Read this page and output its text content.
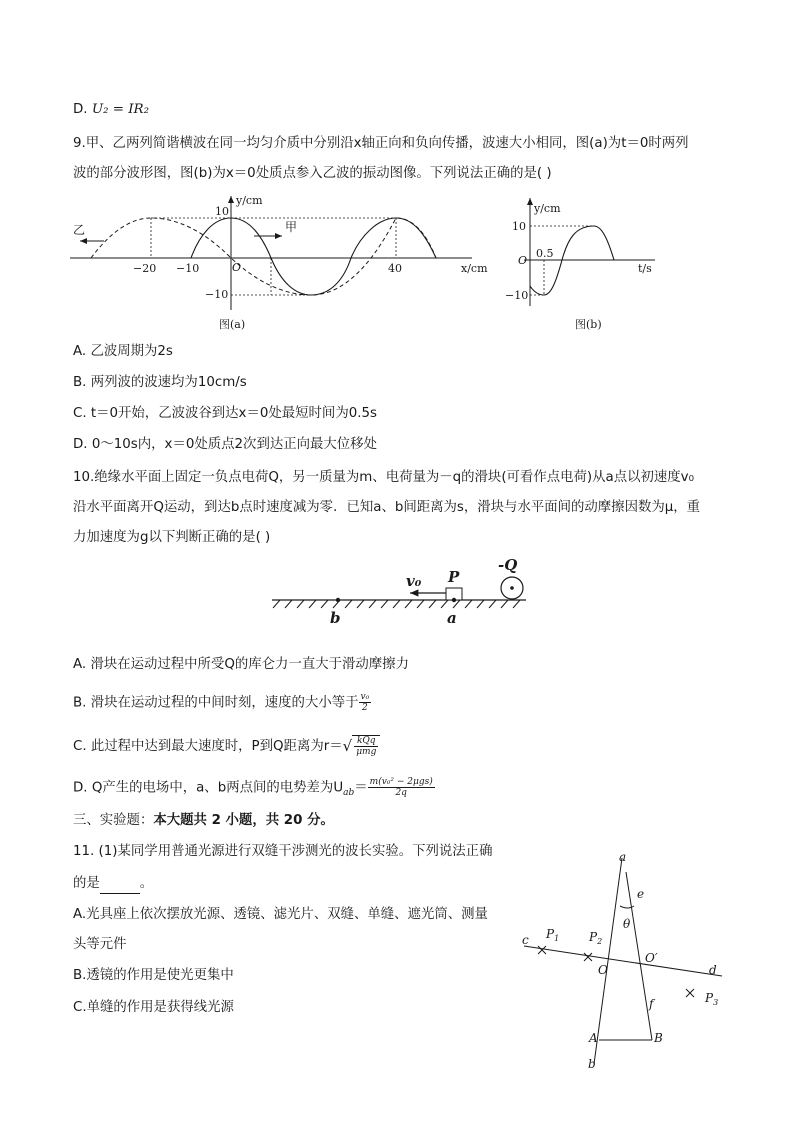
D. U₂ = IR₂
9.甲、乙两列简谐横波在同一均匀介质中分别沿x轴正向和负向传播，波速大小相同，图(a)为t＝0时两列
波的部分波形图，图(b)为x＝0处质点参入乙波的振动图像。下列说法正确的是( )
乙	甲
y/cm
x/cm
O
−20 −10	40
10
−10
图(a)
y/cm
t/s
O
0.5
10
−10
图(b)
A. 乙波周期为2s
B. 两列波的波速均为10cm/s
C. t＝0开始，乙波波谷到达x＝0处最短时间为0.5s
D. 0～10s内，x＝0处质点2次到达正向最大位移处
10.绝缘水平面上固定一负点电荷Q，另一质量为m、电荷量为－q的滑块(可看作点电荷)从a点以初速度v₀
沿水平面离开Q运动，到达b点时速度减为零．已知a、b间距离为s，滑块与水平面间的动摩擦因数为μ，重
力加速度为g以下判断正确的是( )
v₀ P
-Q
b	a
A. 滑块在运动过程中所受Q的库仑力一直大于滑动摩擦力
B. 滑块在运动过程的中间时刻，速度的大小等于 $\frac{\text{v₀}}{2}$
C. 此过程中达到最大速度时，P到Q距离为$r=√ \frac{\text{kQq}}{\text{μmg}}$
D. Q产生的电场中，a、b两点间的电势差为$U_{ab}= \frac{\text{m(v₀² − 2μgs)}}{2q}$
三、实验题：本大题共 2 小题，共 20 分。
11. (1)某同学用普通光源进行双缝干涉测光的波长实验。下列说法正确
的是	。
A.光具座上依次摆放光源、透镜、滤光片、双缝、单缝、遮光筒、测量
头等元件
B.透镜的作用是使光更集中
C.单缝的作用是获得线光源
a
e
θ
c $P_1$ $P_2$
O
O′
d
$P_3$
f
A	B
b
